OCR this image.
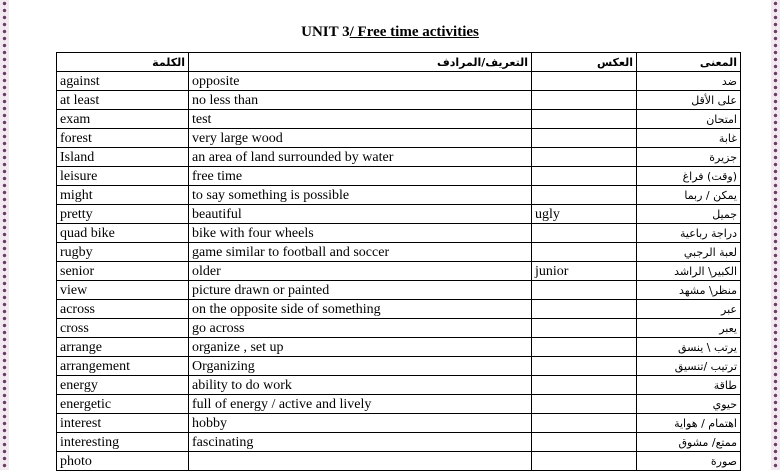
UNIT 3/ Free time activities
الكلمة	التعريف/المرادف	العكس	المعنى
against	opposite		ضد
at least	no less than		على الأقل
exam	test		امتحان
forest	very large wood		غابة
Island	an area of land surrounded by water		جزيرة
leisure	free time		(وقت) فراغ
might	to say something is possible		يمكن / ربما
pretty	beautiful	ugly	جميل
quad bike	bike with four wheels		دراجة رباعية
rugby	game similar to football and soccer		لعبة الرجبي
senior	older	junior	الكبير\ الراشد
view	picture drawn or painted		منظر\ مشهد
across	on the opposite side of something		عبر
cross	go across		يعبر
arrange	organize , set up		يرتب \ ينسق
arrangement	Organizing		ترتيب /تنسيق
energy	ability to do work		طاقة
energetic	full of energy / active and lively		حيوي
interest	hobby		اهتمام / هواية
interesting	fascinating		ممتع/ مشوق
photo			صورة
